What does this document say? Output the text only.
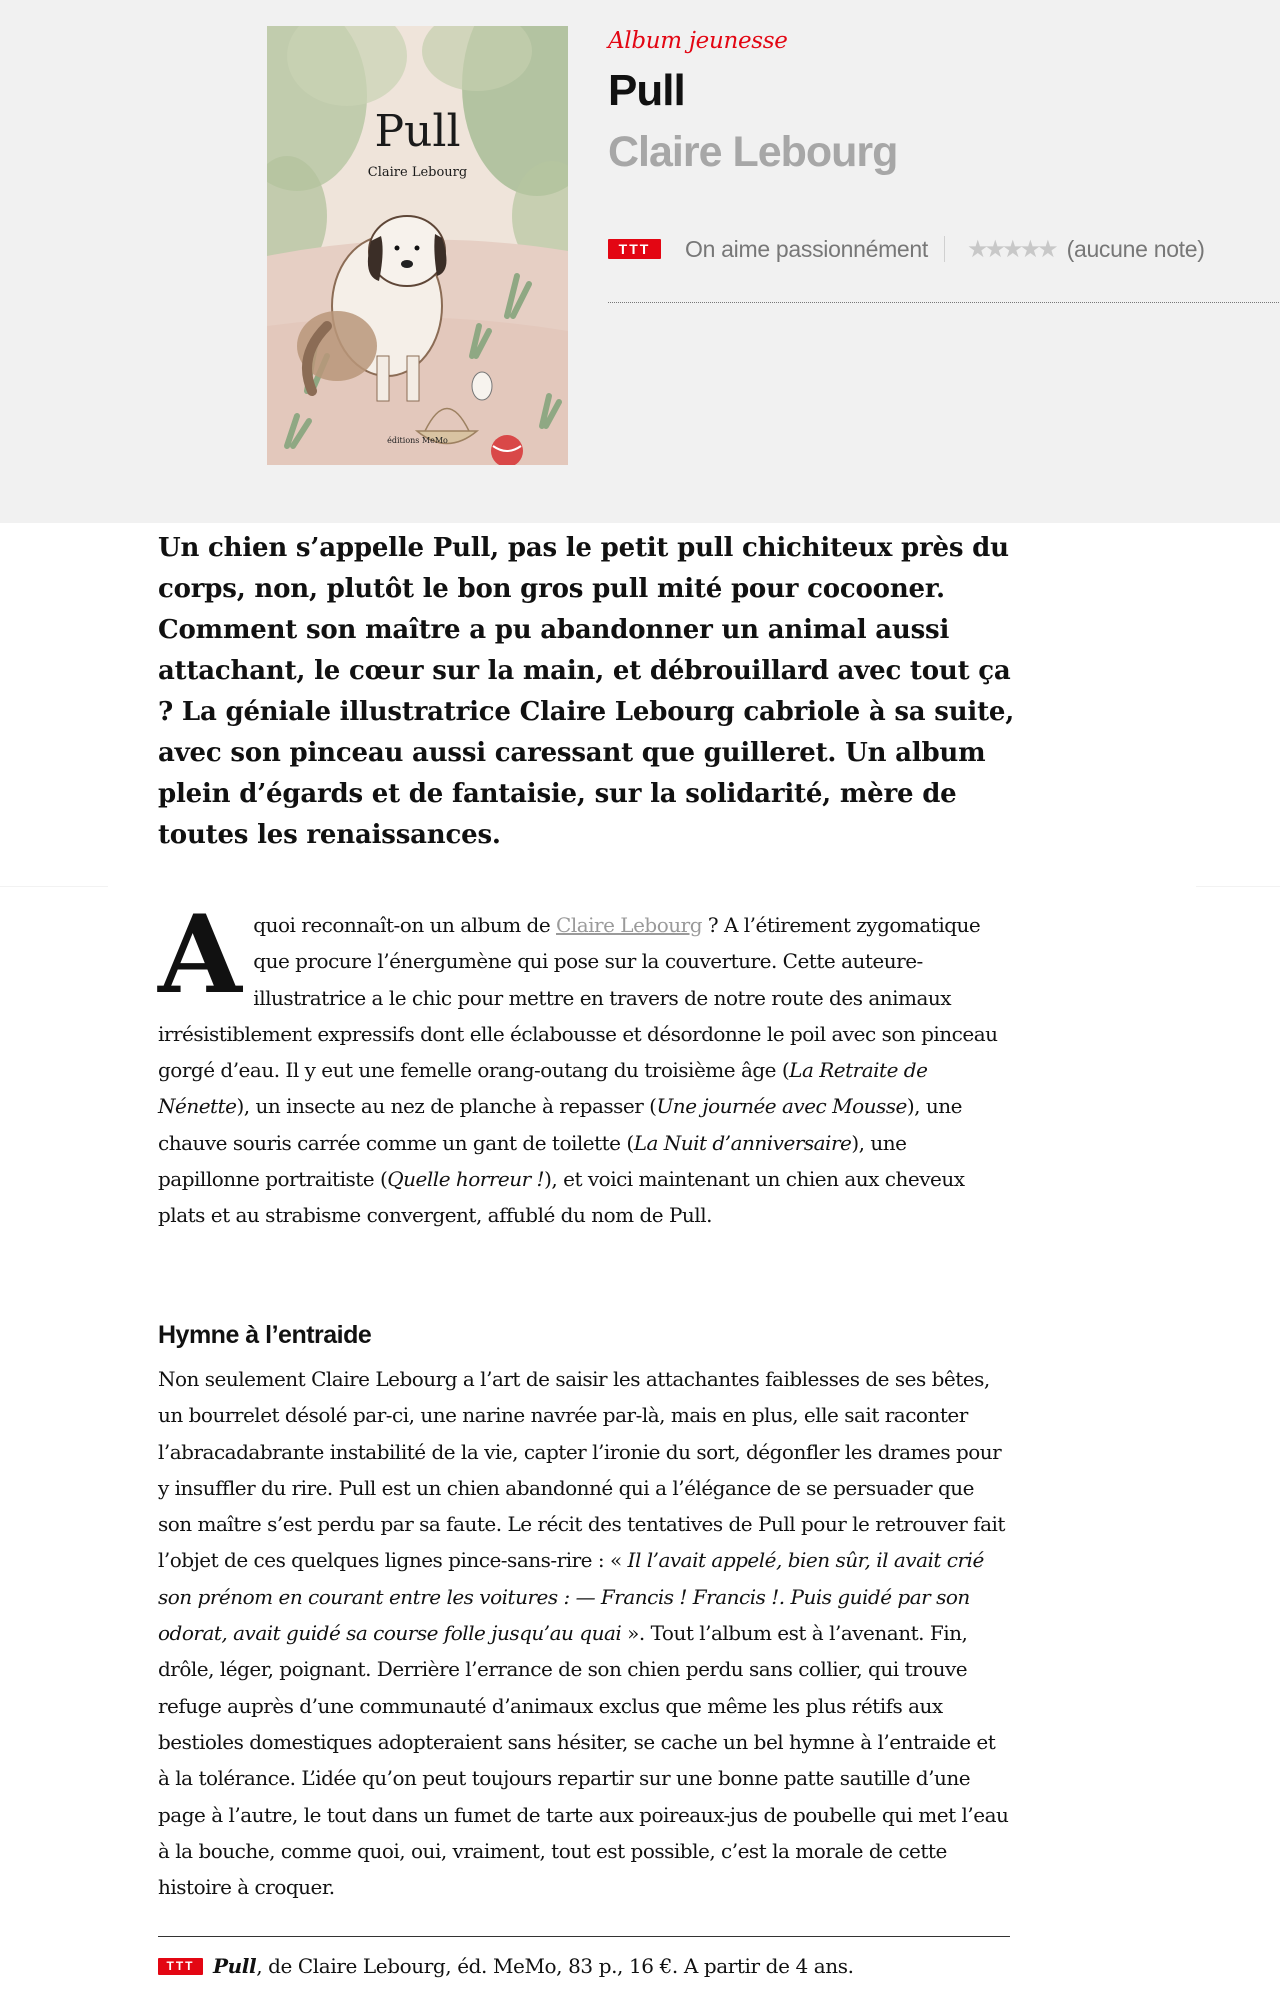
Pull
Claire Lebourg
éditions MeMo

Album jeunesse

Pull

Claire Lebourg

TTT	On aime passionnément ★★★★★ (aucune note)

Un chien s’appelle Pull, pas le petit pull chichiteux près du corps, non, plutôt le bon gros pull mité pour cocooner. Comment son maître a pu abandonner un animal aussi attachant, le cœur sur la main, et débrouillard avec tout ça ? La géniale illustratrice Claire Lebourg cabriole à sa suite, avec son pinceau aussi caressant que guilleret. Un album plein d’égards et de fantaisie, sur la solidarité, mère de toutes les renaissances.

A quoi reconnaît-on un album de Claire Lebourg ? A l’étirement zygomatique que procure l’énergumène qui pose sur la couverture. Cette auteure-illustratrice a le chic pour mettre en travers de notre route des animaux irrésistiblement expressifs dont elle éclabousse et désordonne le poil avec son pinceau gorgé d’eau. Il y eut une femelle orang-outang du troisième âge (La Retraite de Nénette), un insecte au nez de planche à repasser (Une journée avec Mousse), une chauve souris carrée comme un gant de toilette (La Nuit d’anniversaire), une papillonne portraitiste (Quelle horreur !), et voici maintenant un chien aux cheveux plats et au strabisme convergent, affublé du nom de Pull.

Hymne à l’entraide

Non seulement Claire Lebourg a l’art de saisir les attachantes faiblesses de ses bêtes, un bourrelet désolé par-ci, une narine navrée par-là, mais en plus, elle sait raconter l’abracadabrante instabilité de la vie, capter l’ironie du sort, dégonfler les drames pour y insuffler du rire. Pull est un chien abandonné qui a l’élégance de se persuader que son maître s’est perdu par sa faute. Le récit des tentatives de Pull pour le retrouver fait l’objet de ces quelques lignes pince-sans-rire : « Il l’avait appelé, bien sûr, il avait crié son prénom en courant entre les voitures : — Francis ! Francis !. Puis guidé par son odorat, avait guidé sa course folle jusqu’au quai ». Tout l’album est à l’avenant. Fin, drôle, léger, poignant. Derrière l’errance de son chien perdu sans collier, qui trouve refuge auprès d’une communauté d’animaux exclus que même les plus rétifs aux bestioles domestiques adopteraient sans hésiter, se cache un bel hymne à l’entraide et à la tolérance. L’idée qu’on peut toujours repartir sur une bonne patte sautille d’une page à l’autre, le tout dans un fumet de tarte aux poireaux-jus de poubelle qui met l’eau à la bouche, comme quoi, oui, vraiment, tout est possible, c’est la morale de cette histoire à croquer.

TTT Pull , de Claire Lebourg, éd. MeMo, 83 p., 16 €. A partir de 4 ans.
